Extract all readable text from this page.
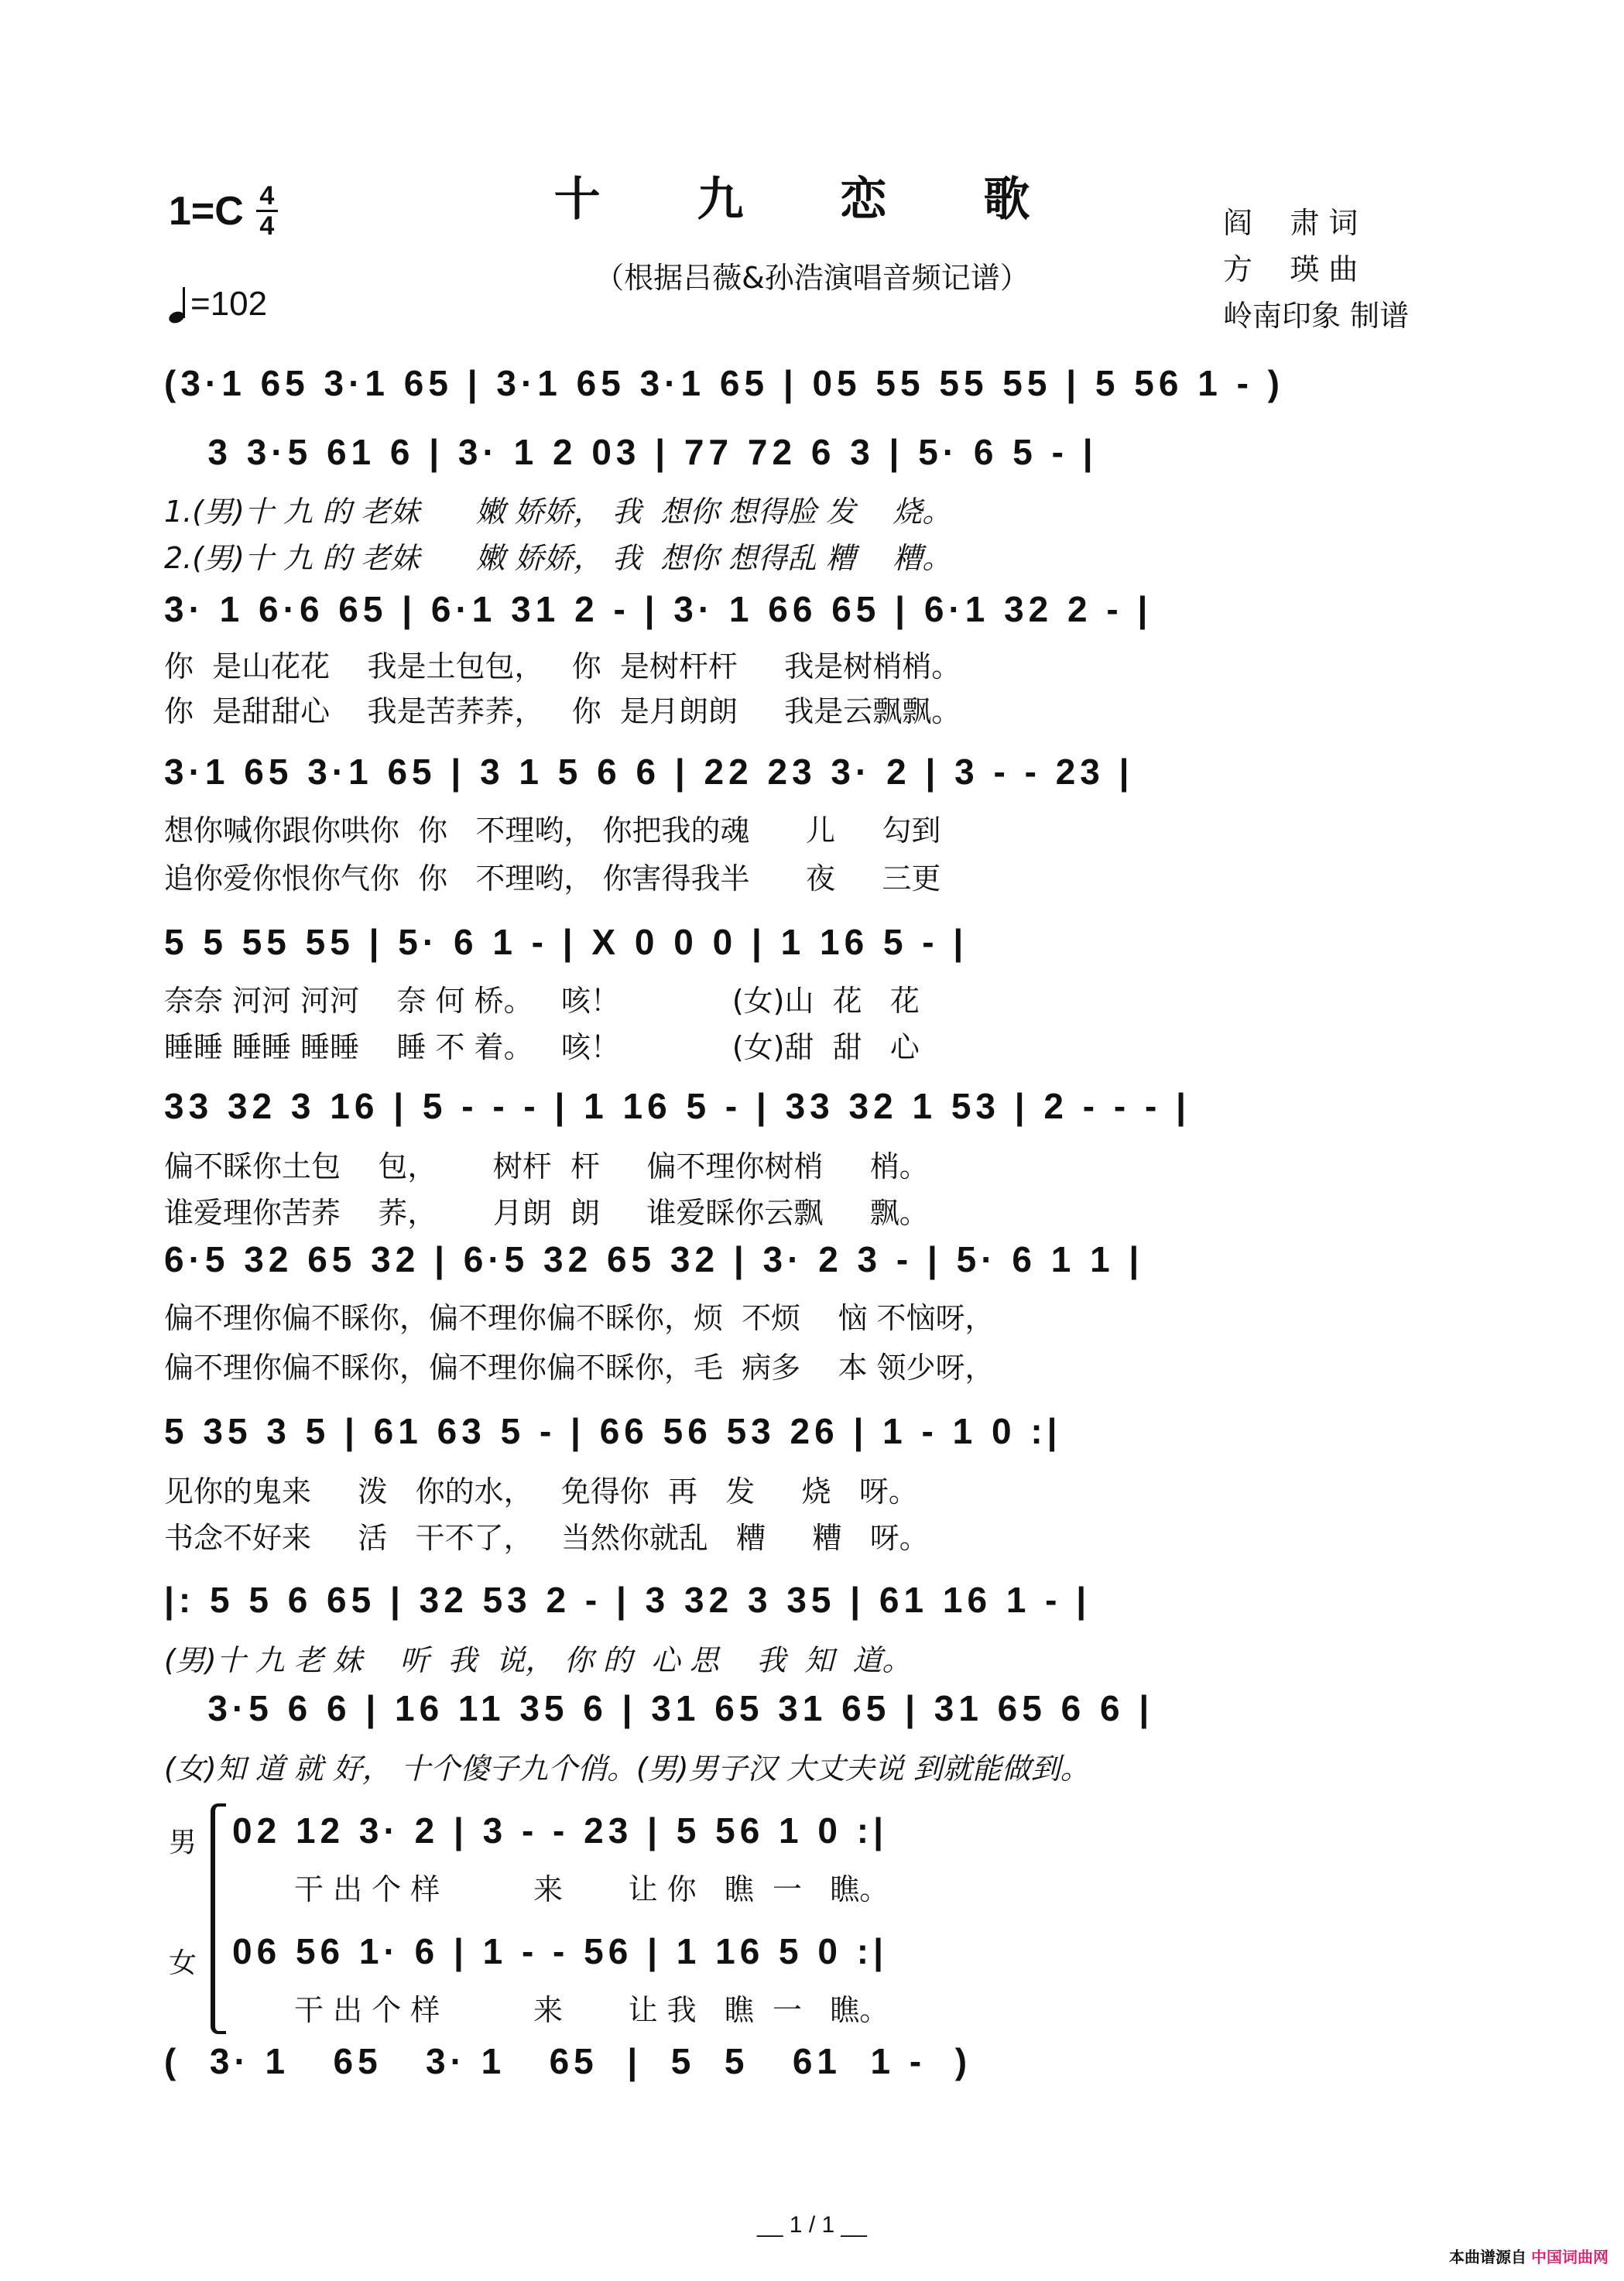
$1=C \frac{4}{4}$
=102
十 九 恋 歌
（根据吕薇&孙浩演唱音频记谱）
阎    肃 词
方    瑛 曲
岭南印象 制谱
(3·1 65 3·1 65 | 3·1 65 3·1 65 | 05 55 55 55 | 5 56 1 - )
3 3·5 61 6 | 3· 1 2 03 | 77 72 6 3 | 5· 6 5 - |
1.(男)十 九 的 老妹      嫩 娇娇， 我  想你 想得脸 发    烧。
2.(男)十 九 的 老妹      嫩 娇娇， 我  想你 想得乱 糟    糟。
3· 1 6·6 65 | 6·1 31 2 - | 3· 1 66 65 | 6·1 32 2 - |
你  是山花花    我是土包包，   你  是树杆杆     我是树梢梢。
你  是甜甜心    我是苦荞荞，   你  是月朗朗     我是云飘飘。
3·1 65 3·1 65 | 3 1 5 6 6 | 22 23 3· 2 | 3 - - 23 |
想你喊你跟你哄你  你   不理哟， 你把我的魂      儿     勾到
追你爱你恨你气你  你   不理哟， 你害得我半      夜     三更
5 5 55 55 | 5· 6 1 - | X 0 0 0 | 1 16 5 - |
奈奈 河河 河河    奈 何 桥。   咳！            (女)山  花   花
睡睡 睡睡 睡睡    睡 不 着。   咳！            (女)甜  甜   心
33 32 3 16 | 5 - - - | 1 16 5 - | 33 32 1 53 | 2 - - - |
偏不睬你土包    包，      树杆  杆     偏不理你树梢     梢。
谁爱理你苦荞    荞，      月朗  朗     谁爱睬你云飘     飘。
6·5 32 65 32 | 6·5 32 65 32 | 3· 2 3 - | 5· 6 1 1 |
偏不理你偏不睬你，偏不理你偏不睬你，烦  不烦    恼 不恼呀，
偏不理你偏不睬你，偏不理你偏不睬你，毛  病多    本 领少呀，
5 35 3 5 | 61 63 5 - | 66 56 53 26 | 1 - 1 0 :|
见你的鬼来     泼   你的水，   免得你  再   发     烧   呀。
书念不好来     活   干不了，   当然你就乱   糟     糟   呀。
|: 5 5 6 65 | 32 53 2 - | 3 32 3 35 | 61 16 1 - |
(男)十 九 老 妹    听  我  说， 你 的  心 思    我  知  道。
3·5 6 6 | 16 11 35 6 | 31 65 31 65 | 31 65 6 6 |
(女)知 道 就 好， 十个傻子九个俏。(男)男子汉 大丈夫说 到就能做到。
男
女
02 12 3· 2 | 3 - - 23 | 5 56 1 0 :|
干 出 个 样          来       让 你   瞧  一   瞧。
06 56 1· 6 | 1 - - 56 | 1 16 5 0 :|
干 出 个 样          来       让 我   瞧  一   瞧。
(  3· 1   65   3· 1   65  |  5  5   61  1 -  )
__ 1 / 1 __
本曲谱源自 中国词曲网
